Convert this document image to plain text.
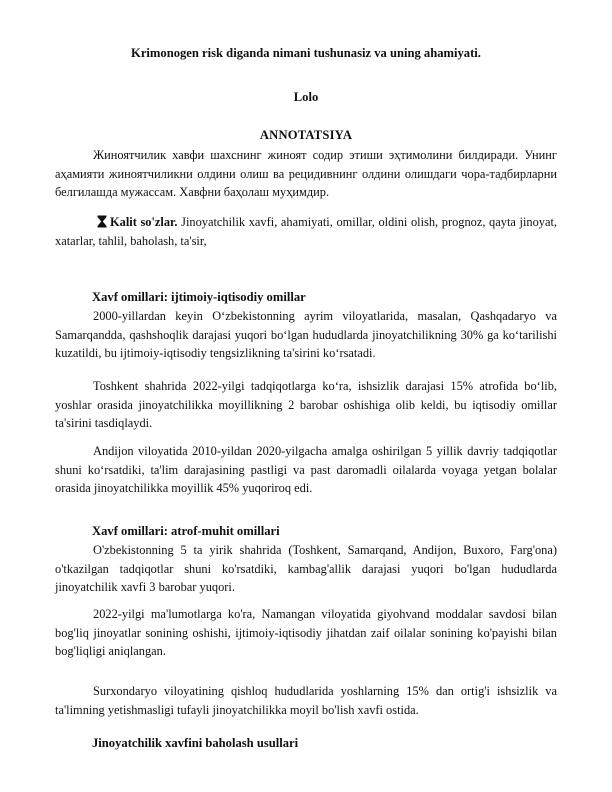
Krimonogen risk diganda nimani tushunasiz va uning ahamiyati.
Lolo
ANNOTATSIYA
Жиноятчилик хавфи шахснинг жиноят содир этиши эҳтимолини билдиради. Унинг аҳамияти жиноятчиликни олдини олиш ва рецидивнинг олдини олишдаги чора-тадбирларни белгилашда мужассам. Хавфни баҳолаш муҳимдир.
Kalit so'zlar. Jinoyatchilik xavfi, ahamiyati, omillar, oldini olish, prognoz, qayta jinoyat, xatarlar, tahlil, baholash, ta'sir,
Xavf omillari: ijtimoiy-iqtisodiy omillar
2000-yillardan keyin O‘zbekistonning ayrim viloyatlarida, masalan, Qashqadaryo va Samarqandda, qashshoqlik darajasi yuqori bo‘lgan hududlarda jinoyatchilikning 30% ga ko‘tarilishi kuzatildi, bu ijtimoiy-iqtisodiy tengsizlikning ta'sirini ko‘rsatadi.
Toshkent shahrida 2022-yilgi tadqiqotlarga ko‘ra, ishsizlik darajasi 15% atrofida bo‘lib, yoshlar orasida jinoyatchilikka moyillikning 2 barobar oshishiga olib keldi, bu iqtisodiy omillar ta'sirini tasdiqlaydi.
Andijon viloyatida 2010-yildan 2020-yilgacha amalga oshirilgan 5 yillik davriy tadqiqotlar shuni ko‘rsatdiki, ta'lim darajasining pastligi va past daromadli oilalarda voyaga yetgan bolalar orasida jinoyatchilikka moyillik 45% yuqoriroq edi.
Xavf omillari: atrof-muhit omillari
O'zbekistonning 5 ta yirik shahrida (Toshkent, Samarqand, Andijon, Buxoro, Farg'ona) o'tkazilgan tadqiqotlar shuni ko'rsatdiki, kambag'allik darajasi yuqori bo'lgan hududlarda jinoyatchilik xavfi 3 barobar yuqori.
2022-yilgi ma'lumotlarga ko'ra, Namangan viloyatida giyohvand moddalar savdosi bilan bog'liq jinoyatlar sonining oshishi, ijtimoiy-iqtisodiy jihatdan zaif oilalar sonining ko'payishi bilan bog'liqligi aniqlangan.
Surxondaryo viloyatining qishloq hududlarida yoshlarning 15% dan ortig'i ishsizlik va ta'limning yetishmasligi tufayli jinoyatchilikka moyil bo'lish xavfi ostida.
Jinoyatchilik xavfini baholash usullari
